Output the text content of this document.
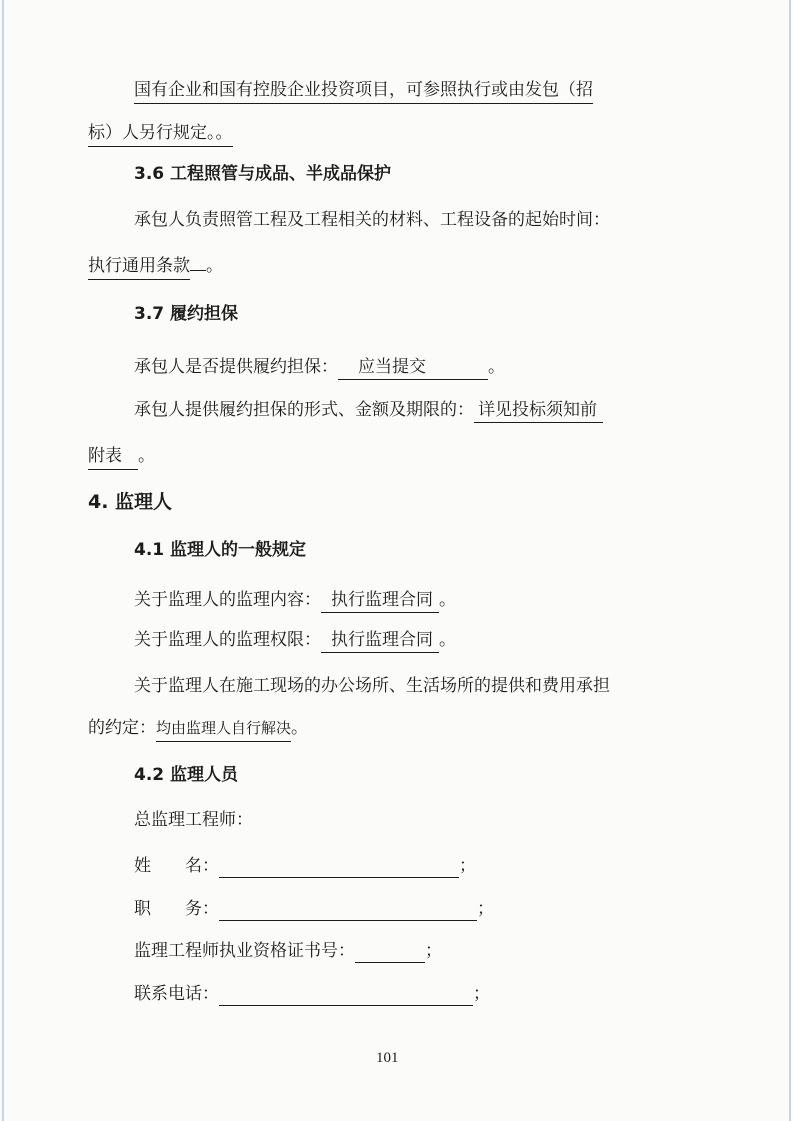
国有企业和国有控股企业投资项目，可参照执行或由发包（招
标）人另行规定。。
3.6 工程照管与成品、半成品保护
承包人负责照管工程及工程相关的材料、工程设备的起始时间：
执行通用条款 。
3.7 履约担保
承包人是否提供履约担保： 应当提交	。
承包人提供履约担保的形式、金额及期限的： 详见投标须知前
附表 。
4. 监理人
4.1 监理人的一般规定
关于监理人的监理内容： 执行监理合同 。
关于监理人的监理权限： 执行监理合同 。
关于监理人在施工现场的办公场所、生活场所的提供和费用承担
的约定：均由监理人自行解决。
4.2 监理人员
总监理工程师：
姓　　名：	；
职　　务：	；
监理工程师执业资格证书号：	；
联系电话：	；
101
